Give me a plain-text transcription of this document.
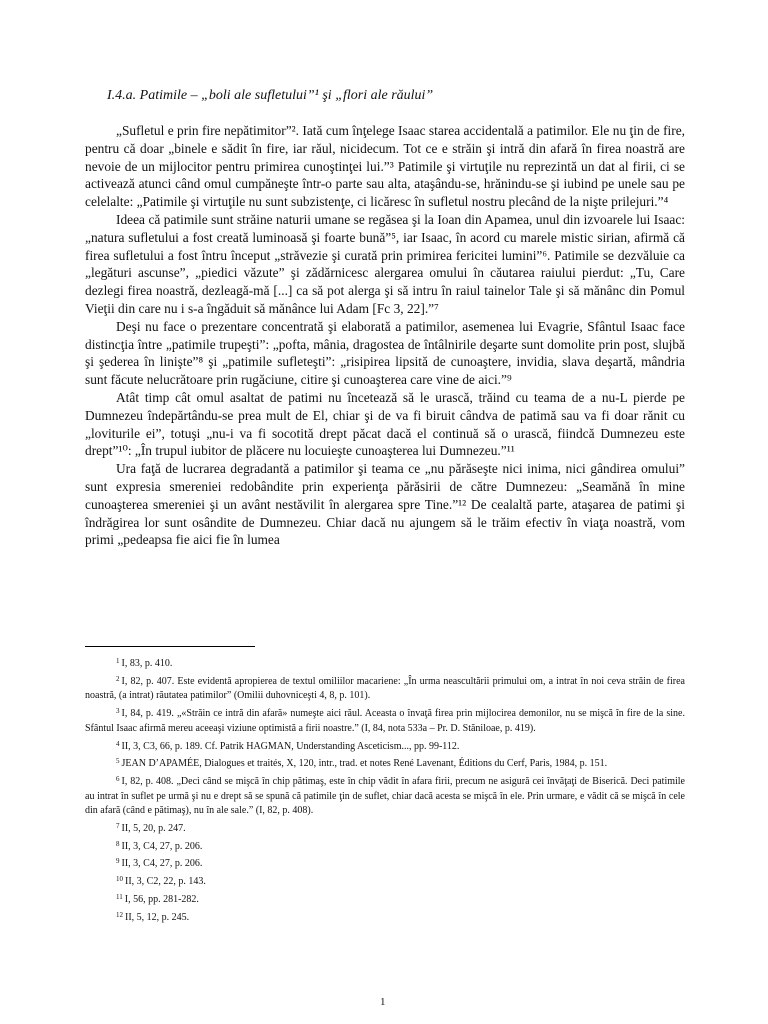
I.4.a. Patimile – „boli ale sufletului”¹ şi „flori ale răului”

„Sufletul e prin fire nepătimitor”². Iată cum înţelege Isaac starea accidentală a patimilor. Ele nu ţin de fire, pentru că doar „binele e sădit în fire, iar răul, nicidecum. Tot ce e străin şi intră din afară în firea noastră are nevoie de un mijlocitor pentru primirea cunoştinţei lui.”³ Patimile şi virtuţile nu reprezintă un dat al firii, ci se activează atunci când omul cumpăneşte într-o parte sau alta, ataşându-se, hrănindu-se şi iubind pe unele sau pe celelalte: „Patimile şi virtuţile nu sunt subzistenţe, ci licăresc în sufletul nostru plecând de la nişte prilejuri.”⁴

Ideea că patimile sunt străine naturii umane se regăsea şi la Ioan din Apamea, unul din izvoarele lui Isaac: „natura sufletului a fost creată luminoasă şi foarte bună”⁵, iar Isaac, în acord cu marele mistic sirian, afirmă că firea sufletului a fost întru început „străvezie şi curată prin primirea fericitei lumini”⁶. Patimile se dezvăluie ca „legături ascunse”, „piedici văzute” şi zădărnicesc alergarea omului în căutarea raiului pierdut: „Tu, Care dezlegi firea noastră, dezleagă-mă [...] ca să pot alerga şi să intru în raiul tainelor Tale şi să mănânc din Pomul Vieţii din care nu i s-a îngăduit să mănânce lui Adam [Fc 3, 22].”⁷

Deşi nu face o prezentare concentrată şi elaborată a patimilor, asemenea lui Evagrie, Sfântul Isaac face distincţia între „patimile trupeşti”: „pofta, mânia, dragostea de întâlnirile deşarte sunt domolite prin post, slujbă şi şederea în linişte”⁸ şi „patimile sufleteşti”: „risipirea lipsită de cunoaştere, invidia, slava deşartă, mândria sunt făcute nelucrătoare prin rugăciune, citire şi cunoaşterea care vine de aici.”⁹

Atât timp cât omul asaltat de patimi nu încetează să le urască, trăind cu teama de a nu-L pierde pe Dumnezeu îndepărtându-se prea mult de El, chiar şi de va fi biruit cândva de patimă sau va fi doar rănit cu „loviturile ei”, totuşi „nu-i va fi socotită drept păcat dacă el continuă să o urască, fiindcă Dumnezeu este drept”¹⁰: „În trupul iubitor de plăcere nu locuieşte cunoaşterea lui Dumnezeu.”¹¹

Ura faţă de lucrarea degradantă a patimilor şi teama ce „nu părăseşte nici inima, nici gândirea omului” sunt expresia smereniei redobândite prin experienţa părăsirii de către Dumnezeu: „Seamănă în mine cunoaşterea smereniei şi un avânt nestăvilit în alergarea spre Tine.”¹² De cealaltă parte, ataşarea de patimi şi îndrăgirea lor sunt osândite de Dumnezeu. Chiar dacă nu ajungem să le trăim efectiv în viaţa noastră, vom primi „pedeapsa fie aici fie în lumea

$^1$ I, 83, p. 410.

$^2$ I, 82, p. 407. Este evidentă apropierea de textul omiliilor macariene: „În urma neascultării primului om, a intrat în noi ceva străin de firea noastră, (a intrat) răutatea patimilor” (Omilii duhovniceşti 4, 8, p. 101).

$^3$ I, 84, p. 419. „«Străin ce intră din afară» numeşte aici răul. Aceasta o învaţă firea prin mijlocirea demonilor, nu se mişcă în fire de la sine. Sfântul Isaac afirmă mereu aceeaşi viziune optimistă a firii noastre.” (I, 84, nota 533a – Pr. D. Stăniloae, p. 419).

$^4$ II, 3, C3, 66, p. 189. Cf. Patrik HAGMAN, Understanding Asceticism..., pp. 99-112.

$^5$ JEAN D’APAMÉE, Dialogues et traités, X, 120, intr., trad. et notes René Lavenant, Éditions du Cerf, Paris, 1984, p. 151.

$^6$ I, 82, p. 408. „Deci când se mişcă în chip pătimaş, este în chip vădit în afara firii, precum ne asigură cei învăţaţi de Biserică. Deci patimile au intrat în suflet pe urmă şi nu e drept să se spună că patimile ţin de suflet, chiar dacă acesta se mişcă în ele. Prin urmare, e vădit că se mişcă în cele din afară (când e pătimaş), nu în ale sale.” (I, 82, p. 408).

$^7$ II, 5, 20, p. 247.

$^8$ II, 3, C4, 27, p. 206.

$^9$ II, 3, C4, 27, p. 206.

$^{10}$ II, 3, C2, 22, p. 143.

$^{11}$ I, 56, pp. 281-282.

$^{12}$ II, 5, 12, p. 245.

1
